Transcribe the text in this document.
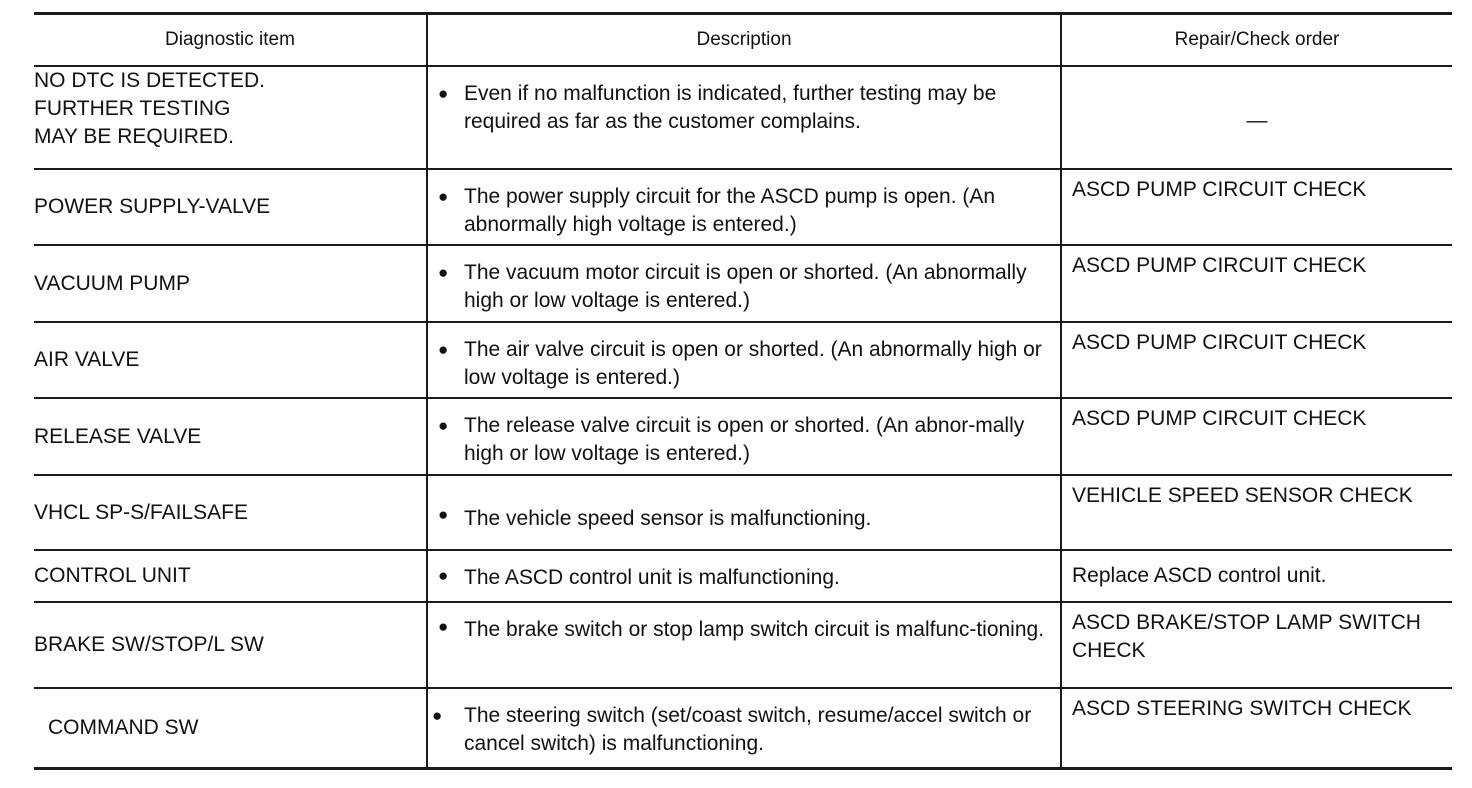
Diagnostic item	Description	Repair/Check order
NO DTC IS DETECTED.
FURTHER TESTING
MAY BE REQUIRED.	● Even if no malfunction is indicated, further testing may be required as far as the customer complains.	—
POWER SUPPLY-VALVE	● The power supply circuit for the ASCD pump is open. (An abnormally high voltage is entered.)	ASCD PUMP CIRCUIT CHECK
VACUUM PUMP	● The vacuum motor circuit is open or shorted. (An abnormally high or low voltage is entered.)	ASCD PUMP CIRCUIT CHECK
AIR VALVE	● The air valve circuit is open or shorted. (An abnormally high or low voltage is entered.)	ASCD PUMP CIRCUIT CHECK
RELEASE VALVE	● The release valve circuit is open or shorted. (An abnor-mally high or low voltage is entered.)	ASCD PUMP CIRCUIT CHECK
VHCL SP-S/FAILSAFE	● The vehicle speed sensor is malfunctioning.	VEHICLE SPEED SENSOR CHECK
CONTROL UNIT	● The ASCD control unit is malfunctioning.	Replace ASCD control unit.
BRAKE SW/STOP/L SW	● The brake switch or stop lamp switch circuit is malfunc-tioning.	ASCD BRAKE/STOP LAMP SWITCH CHECK
COMMAND SW	● The steering switch (set/coast switch, resume/accel switch or cancel switch) is malfunctioning.	ASCD STEERING SWITCH CHECK
